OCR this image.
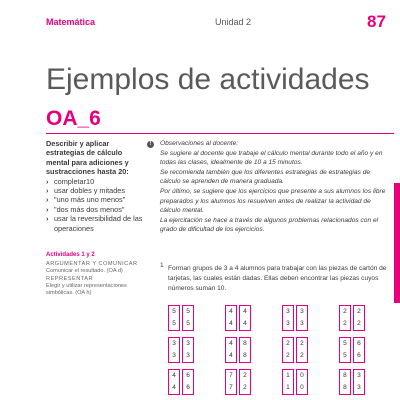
Matemática	Unidad 2	87
Ejemplos de actividades
OA_6
Describir y aplicar estrategias de cálculo mental para adiciones y sustracciones hasta 20:
› completar10
› usar dobles y mitades
› "uno más uno menos"
› "dos más dos menos"
› usar la reversibilidad de las operaciones
Actividades 1 y 2
ARGUMENTAR Y COMUNICAR
Comunicar el resultado. (OA d)
REPRESENTAR
Elegir y utilizar representaciones simbólicas. (OA h)
!	Observaciones al docente:

Se sugiere al docente que trabaje el cálculo mental durante todo el año y en todas las clases, idealmente de 10 a 15 minutos.

Se recomienda también que los diferentes estrategias de estrategias de cálculo se aprenden de manera graduada.

Por último, se sugiere que los ejercicios que presente a sus alumnos los libre preparados y los alumnos los resuelven antes de realizar la actividad de cálculo mental.

La ejercitación se hace a través de algunos problemas relacionados con el grado de dificultad de los ejercicios.

1 Forman grupos de 3 a 4 alumnos para trabajar con las piezas de cartón de tarjetas, las cuales están dadas. Ellas deben encontrar las piezas cuyos números suman 10.
5
5
5
5
4
4
4
4
3
3
3
3
2
2
2
2
3
3
3
3
4
4
8
8
2
2
2
2
5
5
6
6
4
4
6
6
7
7
2
2
1
1
0
0
8
8
3
3
